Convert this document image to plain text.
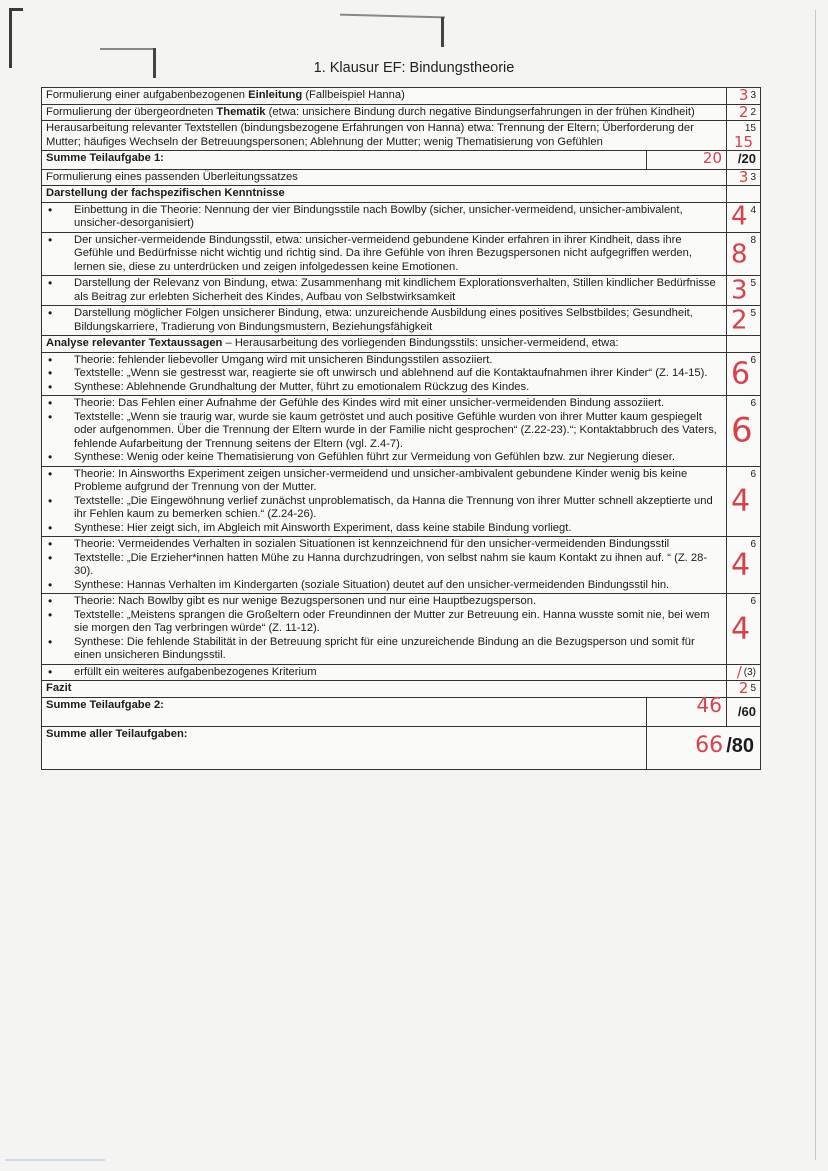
1. Klausur EF: Bindungstheorie
Formulierung einer aufgabenbezogenen Einleitung (Fallbeispiel Hanna)		3 3

Formulierung der übergeordneten Thematik (etwa: unsichere Bindung durch negative Bindungserfahrungen in der frühen Kindheit)		2 2

Herausarbeitung relevanter Textstellen (bindungsbezogene Erfahrungen von Hanna) etwa: Trennung der Eltern; Überforderung der Mutter; häufiges Wechseln der Betreuungspersonen; Ablehnung der Mutter; wenig Thematisierung von Gefühlen		15
15

Summe Teilaufgabe 1:	20	/20
Formulierung eines passenden Überleitungssatzes		3 3

Darstellung der fachspezifischen Kenntnisse		

• Einbettung in die Theorie: Nennung der vier Bindungsstile nach Bowlby (sicher, unsicher-vermeidend, unsicher-ambivalent, unsicher-desorganisiert)
	4
4

• Der unsicher-vermeidende Bindungsstil, etwa: unsicher-vermeidend gebundene Kinder erfahren in ihrer Kindheit, dass ihre Gefühle und Bedürfnisse nicht wichtig und richtig sind. Da ihre Gefühle von ihren Bezugspersonen nicht aufgegriffen werden, lernen sie, diese zu unterdrücken und zeigen infolgedessen keine Emotionen.
	8
8

• Darstellung der Relevanz von Bindung, etwa: Zusammenhang mit kindlichem Explorationsverhalten, Stillen kindlicher Bedürfnisse als Beitrag zur erlebten Sicherheit des Kindes, Aufbau von Selbstwirksamkeit
	5
3

• Darstellung möglicher Folgen unsicherer Bindung, etwa: unzureichende Ausbildung eines positives Selbstbildes; Gesundheit, Bildungskarriere, Tradierung von Bindungsmustern, Beziehungsfähigkeit
	5
2

Analyse relevanter Textaussagen – Herausarbeitung des vorliegenden Bindungsstils: unsicher-vermeidend, etwa:		

• Theorie: fehlender liebevoller Umgang wird mit unsicheren Bindungsstilen assoziiert.
• Textstelle: „Wenn sie gestresst war, reagierte sie oft unwirsch und ablehnend auf die Kontaktaufnahmen ihrer Kinder“ (Z. 14-15).
• Synthese: Ablehnende Grundhaltung der Mutter, führt zu emotionalem Rückzug des Kindes.
	6
6

• Theorie: Das Fehlen einer Aufnahme der Gefühle des Kindes wird mit einer unsicher-vermeidenden Bindung assoziiert.
• Textstelle: „Wenn sie traurig war, wurde sie kaum getröstet und auch positive Gefühle wurden von ihrer Mutter kaum gespiegelt oder aufgenommen. Über die Trennung der Eltern wurde in der Familie nicht gesprochen“ (Z.22-23).“; Kontaktabbruch des Vaters, fehlende Aufarbeitung der Trennung seitens der Eltern (vgl. Z.4-7).
• Synthese: Wenig oder keine Thematisierung von Gefühlen führt zur Vermeidung von Gefühlen bzw. zur Negierung dieser.
	6
6

• Theorie: In Ainsworths Experiment zeigen unsicher-vermeidend und unsicher-ambivalent gebundene Kinder wenig bis keine Probleme aufgrund der Trennung von der Mutter.
• Textstelle: „Die Eingewöhnung verlief zunächst unproblematisch, da Hanna die Trennung von ihrer Mutter schnell akzeptierte und ihr Fehlen kaum zu bemerken schien.“ (Z.24-26).
• Synthese: Hier zeigt sich, im Abgleich mit Ainsworth Experiment, dass keine stabile Bindung vorliegt.
	6
4

• Theorie: Vermeidendes Verhalten in sozialen Situationen ist kennzeichnend für den unsicher-vermeidenden Bindungsstil
• Textstelle: „Die Erzieher*innen hatten Mühe zu Hanna durchzudringen, von selbst nahm sie kaum Kontakt zu ihnen auf. “ (Z. 28-30).
• Synthese: Hannas Verhalten im Kindergarten (soziale Situation) deutet auf den unsicher-vermeidenden Bindungsstil hin.
	6
4

• Theorie: Nach Bowlby gibt es nur wenige Bezugspersonen und nur eine Hauptbezugsperson.
• Textstelle: „Meistens sprangen die Großeltern oder Freundinnen der Mutter zur Betreuung ein. Hanna wusste somit nie, bei wem sie morgen den Tag verbringen würde“ (Z. 11-12).
• Synthese: Die fehlende Stabilität in der Betreuung spricht für eine unzureichende Bindung an die Bezugsperson und somit für einen unsicheren Bindungsstil.
	6
4

• erfüllt ein weiteres aufgabenbezogenes Kriterium	/ (3)

Fazit		2 5

Summe Teilaufgabe 2:	46	/60
Summe aller Teilaufgaben:	66 /80	
